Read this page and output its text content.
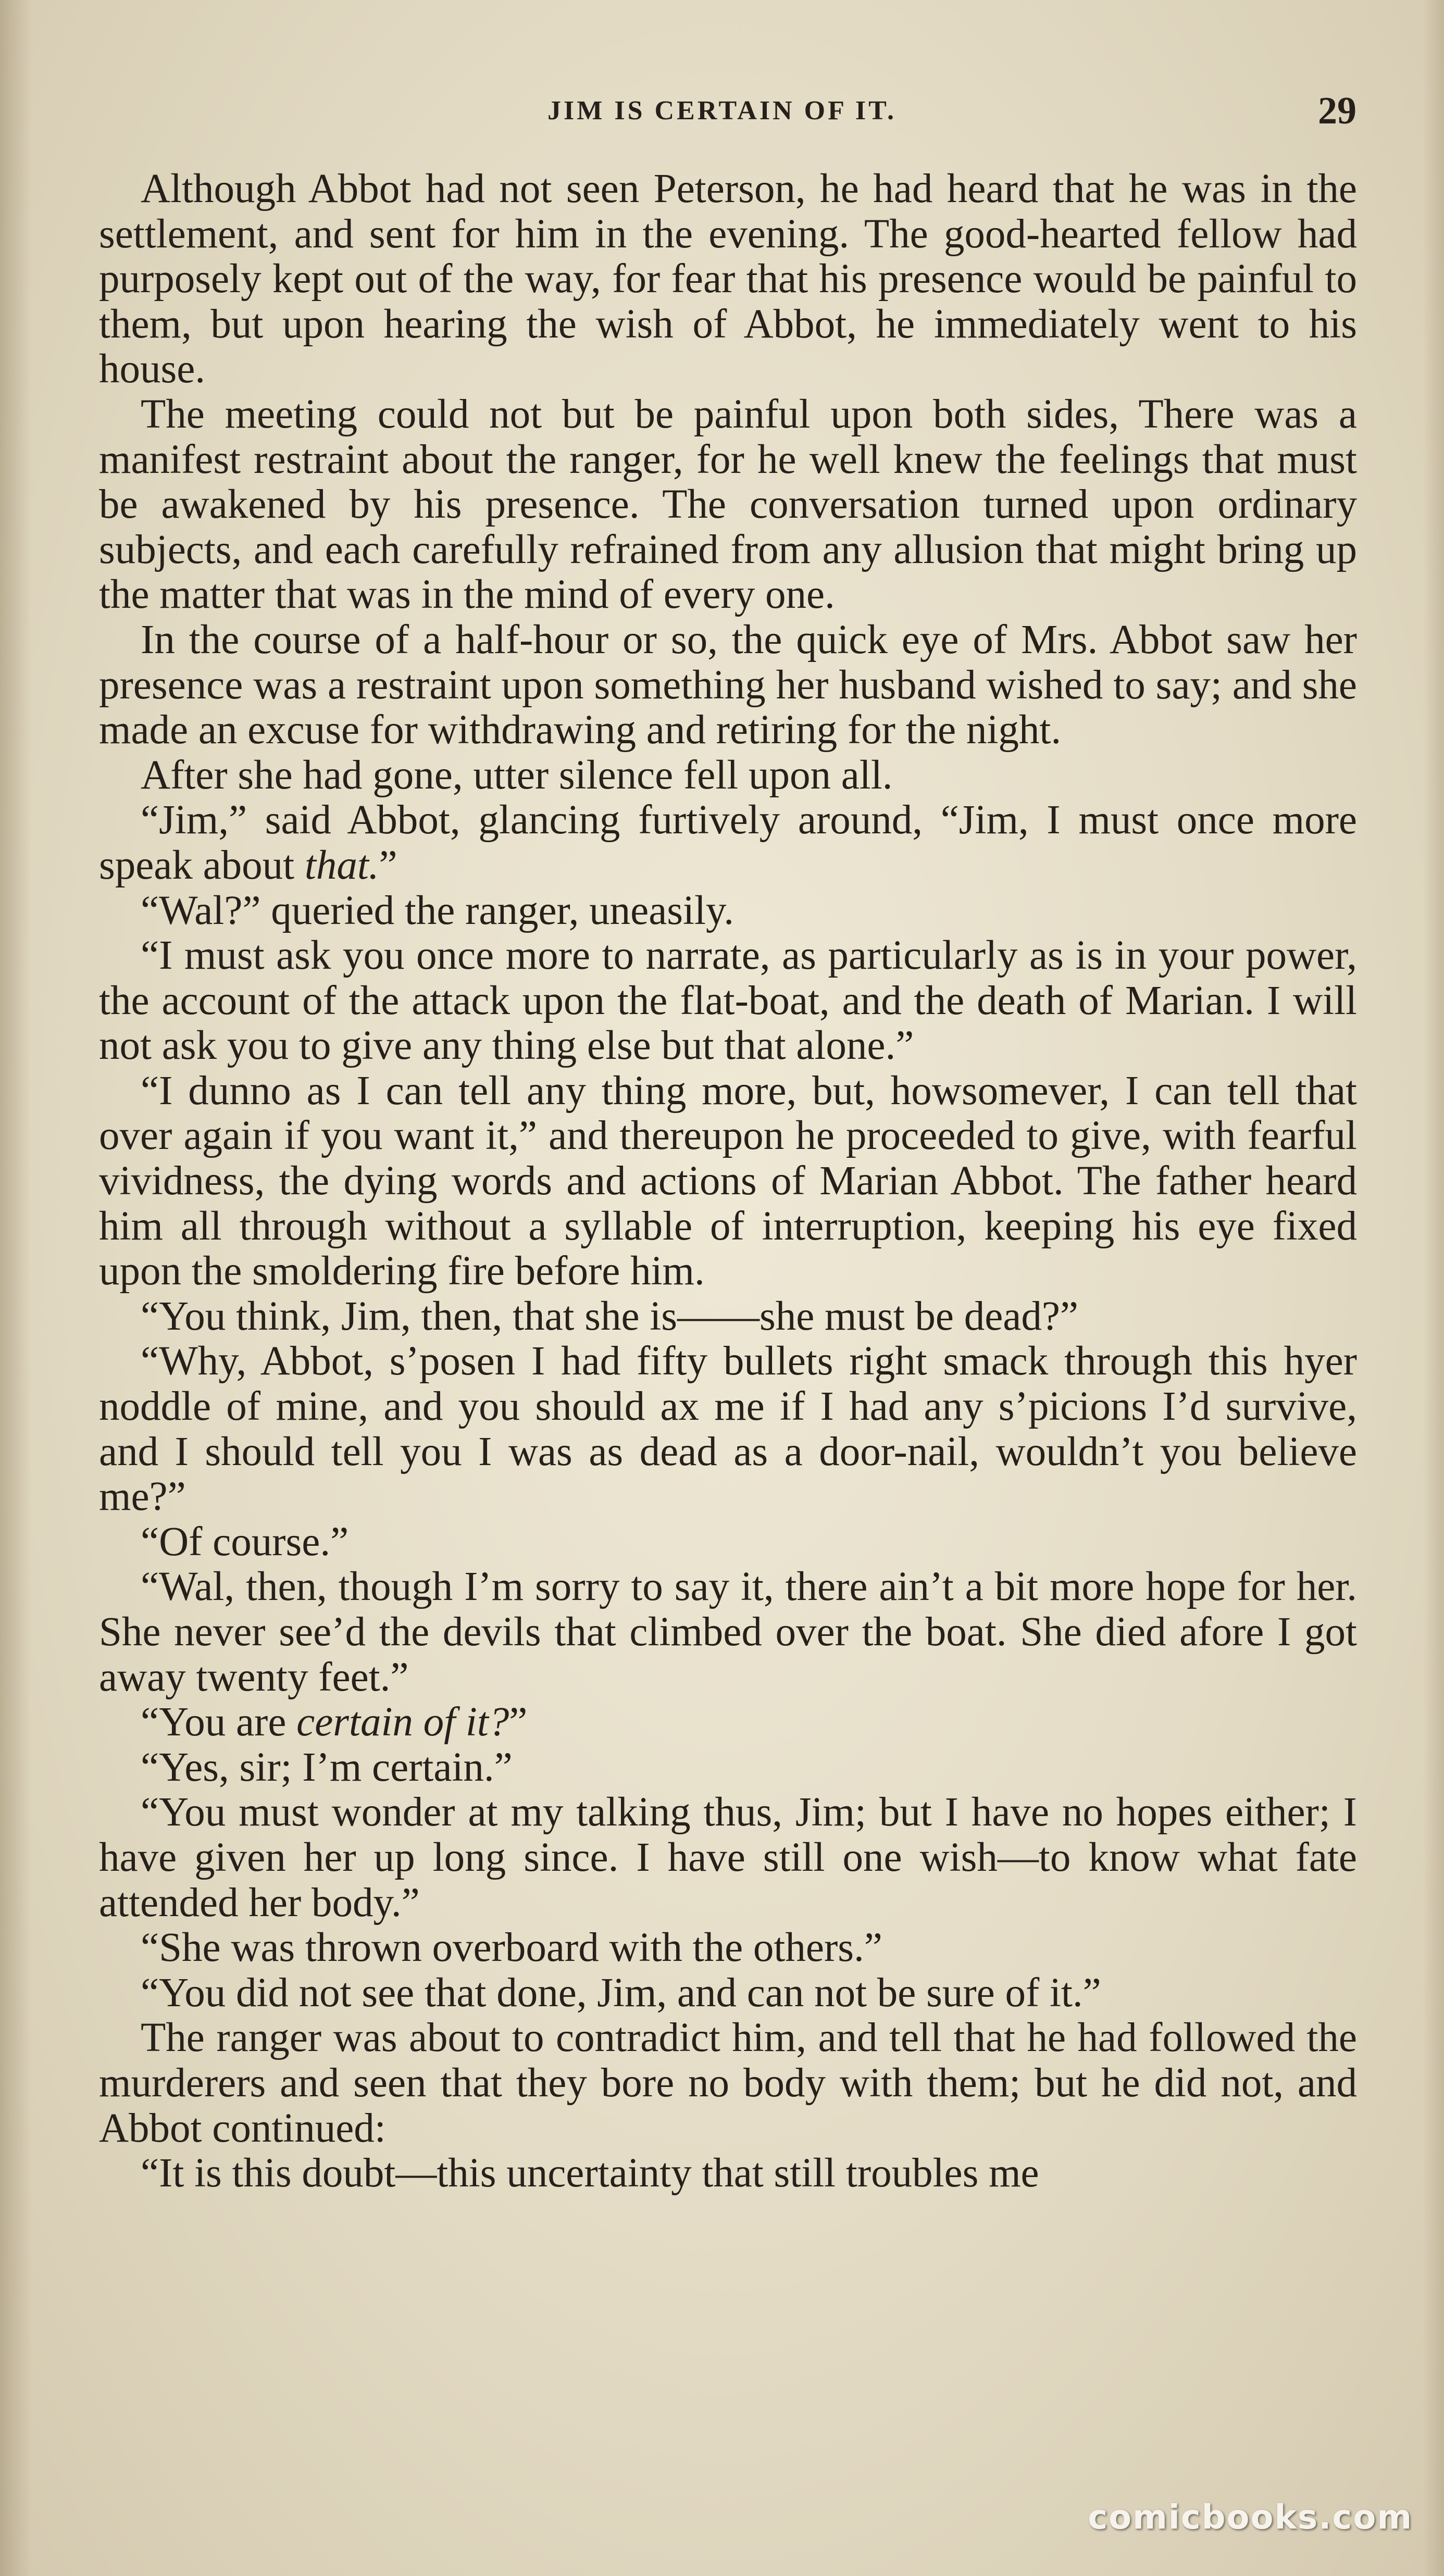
JIM IS CERTAIN OF IT.	29

Although Abbot had not seen Peterson, he had heard that he was in the settlement, and sent for him in the evening. The good-hearted fellow had purposely kept out of the way, for fear that his presence would be painful to them, but upon hearing the wish of Abbot, he immediately went to his house.

The meeting could not but be painful upon both sides, There was a manifest restraint about the ranger, for he well knew the feelings that must be awakened by his presence. The conversation turned upon ordinary subjects, and each carefully refrained from any allusion that might bring up the matter that was in the mind of every one.

In the course of a half-hour or so, the quick eye of Mrs. Abbot saw her presence was a restraint upon something her husband wished to say; and she made an excuse for withdrawing and retiring for the night.

After she had gone, utter silence fell upon all.

“Jim,” said Abbot, glancing furtively around, “Jim, I must once more speak about that.”

“Wal?” queried the ranger, uneasily.

“I must ask you once more to narrate, as particularly as is in your power, the account of the attack upon the flat-boat, and the death of Marian. I will not ask you to give any thing else but that alone.”

“I dunno as I can tell any thing more, but, howsomever, I can tell that over again if you want it,” and thereupon he proceeded to give, with fearful vividness, the dying words and actions of Marian Abbot. The father heard him all through without a syllable of interruption, keeping his eye fixed upon the smoldering fire before him.

“You think, Jim, then, that she is——she must be dead?”

“Why, Abbot, s’posen I had fifty bullets right smack through this hyer noddle of mine, and you should ax me if I had any s’picions I’d survive, and I should tell you I was as dead as a door-nail, wouldn’t you believe me?”

“Of course.”

“Wal, then, though I’m sorry to say it, there ain’t a bit more hope for her. She never see’d the devils that climbed over the boat. She died afore I got away twenty feet.”

“You are certain of it?”

“Yes, sir; I’m certain.”

“You must wonder at my talking thus, Jim; but I have no hopes either; I have given her up long since. I have still one wish—to know what fate attended her body.”

“She was thrown overboard with the others.”

“You did not see that done, Jim, and can not be sure of it.”

The ranger was about to contradict him, and tell that he had followed the murderers and seen that they bore no body with them; but he did not, and Abbot continued:

“It is this doubt—this uncertainty that still troubles me

comicbooks.com
